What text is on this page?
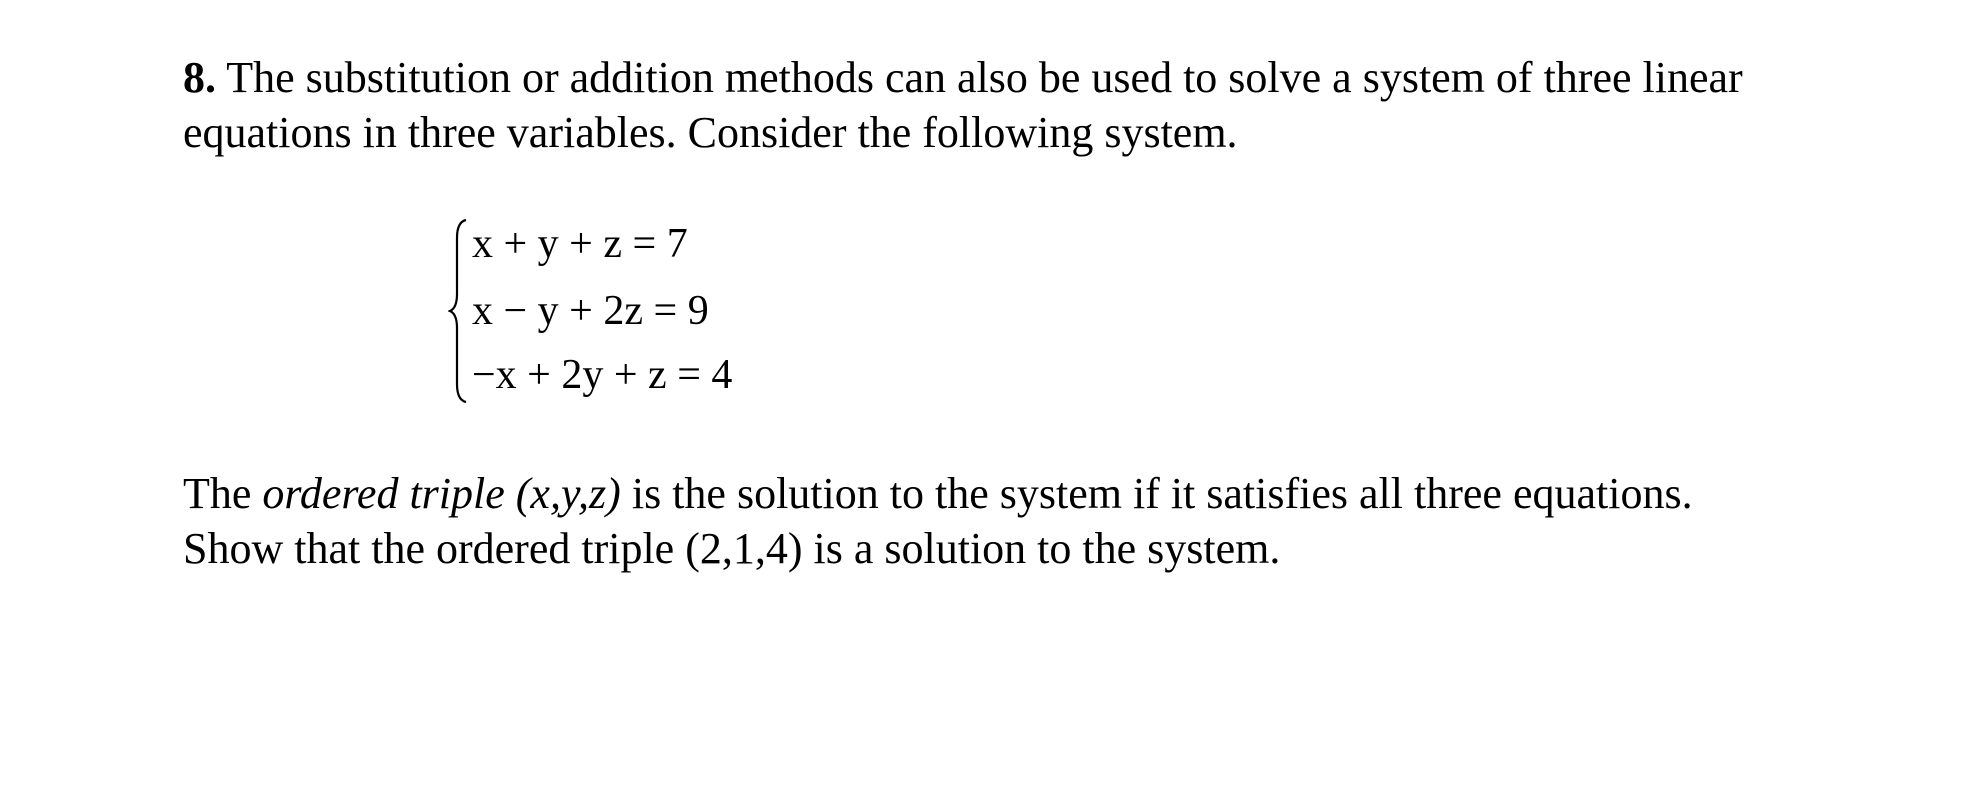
8. The substitution or addition methods can also be used to solve a system of three linear

equations in three variables. Consider the following system.

x + y + z = 7
x − y + 2z = 9
−x + 2y + z = 4

The ordered triple (x,y,z) is the solution to the system if it satisfies all three equations.

Show that the ordered triple (2,1,4) is a solution to the system.
